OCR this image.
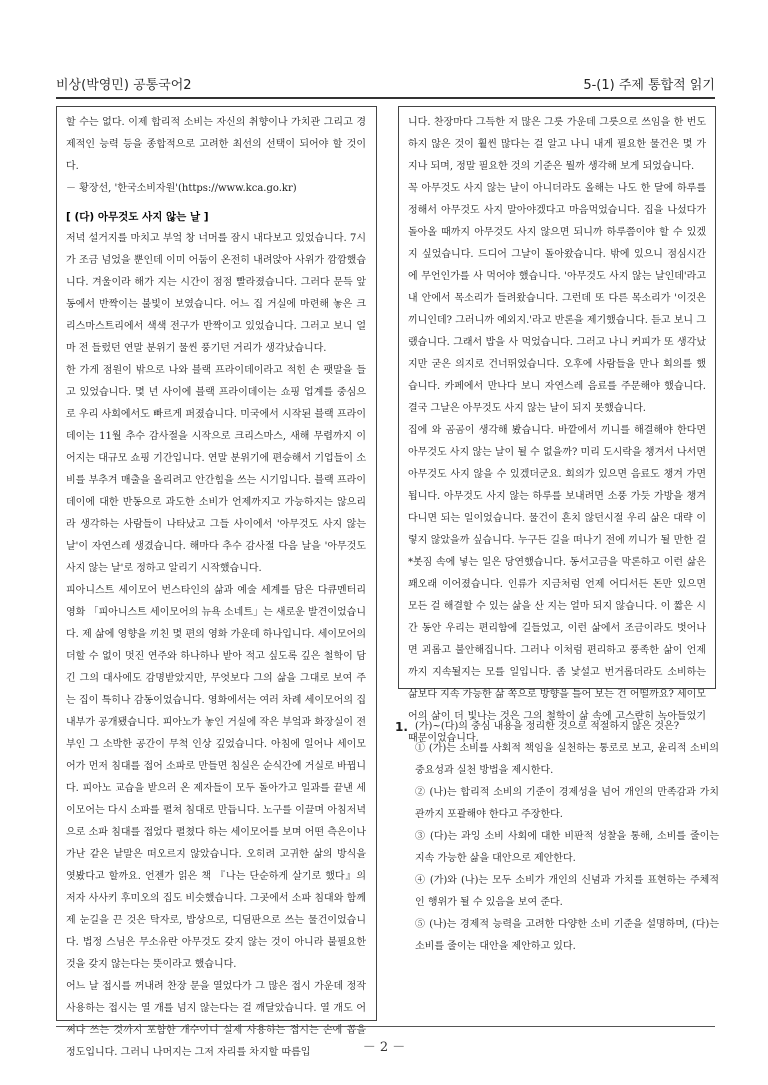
비상(박영민) 공통국어2	5-(1) 주제 통합적 읽기

할 수는 없다. 이제 합리적 소비는 자신의 취향이나 가치관 그리고 경제적인 능력 등을 종합적으로 고려한 최선의 선택이 되어야 할 것이다.

－ 황장선, '한국소비자원'(https://www.kca.go.kr)

[ (다) 아무것도 사지 않는 날 ]

저녁 설거지를 마치고 부엌 창 너머를 잠시 내다보고 있었습니다. 7시가 조금 넘었을 뿐인데 이미 어둠이 온전히 내려앉아 사위가 깜깜했습니다. 겨울이라 해가 지는 시간이 점점 빨라졌습니다. 그러다 문득 앞 동에서 반짝이는 불빛이 보였습니다. 어느 집 거실에 마련해 놓은 크리스마스트리에서 색색 전구가 반짝이고 있었습니다. 그러고 보니 얼마 전 들렀던 연말 분위기 물씬 풍기던 거리가 생각났습니다.

한 가게 점원이 밖으로 나와 블랙 프라이데이라고 적힌 손 팻말을 들고 있었습니다. 몇 년 사이에 블랙 프라이데이는 쇼핑 업계를 중심으로 우리 사회에서도 빠르게 퍼졌습니다. 미국에서 시작된 블랙 프라이데이는 11월 추수 감사절을 시작으로 크리스마스, 새해 무렵까지 이어지는 대규모 쇼핑 기간입니다. 연말 분위기에 편승해서 기업들이 소비를 부추겨 매출을 올리려고 안간힘을 쓰는 시기입니다. 블랙 프라이데이에 대한 반동으로 과도한 소비가 언제까지고 가능하지는 않으리라 생각하는 사람들이 나타났고 그들 사이에서 '아무것도 사지 않는 날'이 자연스레 생겼습니다. 해마다 추수 감사절 다음 날을 '아무것도 사지 않는 날'로 정하고 알리기 시작했습니다.

피아니스트 세이모어 번스타인의 삶과 예술 세계를 담은 다큐멘터리 영화 「피아니스트 세이모어의 뉴욕 소네트」는 새로운 발견이었습니다. 제 삶에 영향을 끼친 몇 편의 영화 가운데 하나입니다. 세이모어의 더할 수 없이 멋진 연주와 하나하나 받아 적고 싶도록 깊은 철학이 담긴 그의 대사에도 감명받았지만, 무엇보다 그의 삶을 그대로 보여 주는 집이 특히나 감동이었습니다. 영화에서는 여러 차례 세이모어의 집 내부가 공개됐습니다. 피아노가 놓인 거실에 작은 부엌과 화장실이 전부인 그 소박한 공간이 무척 인상 깊었습니다. 아침에 일어나 세이모어가 먼저 침대를 접어 소파로 만들면 침실은 순식간에 거실로 바뀝니다. 피아노 교습을 받으러 온 제자들이 모두 돌아가고 일과를 끝낸 세이모어는 다시 소파를 펼쳐 침대로 만듭니다. 노구를 이끌며 아침저녁으로 소파 침대를 접었다 펼쳤다 하는 세이모어를 보며 어떤 측은이나 가난 같은 낱말은 떠오르지 않았습니다. 오히려 고귀한 삶의 방식을 엿봤다고 할까요. 언젠가 읽은 책 『나는 단순하게 살기로 했다』의 저자 사사키 후미오의 집도 비슷했습니다. 그곳에서 소파 침대와 함께 제 눈길을 끈 것은 탁자로, 밥상으로, 디딤판으로 쓰는 물건이었습니다. 법정 스님은 무소유란 아무것도 갖지 않는 것이 아니라 불필요한 것을 갖지 않는다는 뜻이라고 했습니다.

어느 날 접시를 꺼내려 찬장 문을 열었다가 그 많은 접시 가운데 정작 사용하는 접시는 열 개를 넘지 않는다는 걸 깨달았습니다. 열 개도 어쩌다 쓰는 것까지 포함한 개수이니 실제 사용하는 접시는 손에 꼽을 정도입니다. 그러니 나머지는 그저 자리를 차지할 따름입

니다. 찬장마다 그득한 저 많은 그릇 가운데 그릇으로 쓰임을 한 번도 하지 않은 것이 훨씬 많다는 걸 알고 나니 내게 필요한 물건은 몇 가지나 되며, 정말 필요한 것의 기준은 뭘까 생각해 보게 되었습니다.

꼭 아무것도 사지 않는 날이 아니더라도 올해는 나도 한 달에 하루를 정해서 아무것도 사지 말아야겠다고 마음먹었습니다. 집을 나섰다가 돌아올 때까지 아무것도 사지 않으면 되니까 하루쯤이야 할 수 있겠지 싶었습니다. 드디어 그날이 돌아왔습니다. 밖에 있으니 점심시간에 무언인가를 사 먹어야 했습니다. '아무것도 사지 않는 날인데'라고 내 안에서 목소리가 들려왔습니다. 그런데 또 다른 목소리가 '이것은 끼니인데? 그러니까 예외지.'라고 반론을 제기했습니다. 듣고 보니 그랬습니다. 그래서 밥을 사 먹었습니다. 그러고 나니 커피가 또 생각났지만 굳은 의지로 건너뛰었습니다. 오후에 사람들을 만나 회의를 했습니다. 카페에서 만나다 보니 자연스레 음료를 주문해야 했습니다. 결국 그날은 아무것도 사지 않는 날이 되지 못했습니다.

집에 와 곰곰이 생각해 봤습니다. 바깥에서 끼니를 해결해야 한다면 아무것도 사지 않는 날이 될 수 없을까? 미리 도시락을 챙겨서 나서면 아무것도 사지 않을 수 있겠더군요. 회의가 있으면 음료도 챙겨 가면 됩니다. 아무것도 사지 않는 하루를 보내려면 소풍 가듯 가방을 챙겨 다니면 되는 일이었습니다. 물건이 흔치 않던시절 우리 삶은 대략 이렇지 않았을까 싶습니다. 누구든 길을 떠나기 전에 끼니가 될 만한 걸 *봇짐 속에 넣는 일은 당연했습니다. 동서고금을 막론하고 이런 삶은 꽤오래 이어졌습니다. 인류가 지금처럼 언제 어디서든 돈만 있으면 모든 걸 해결할 수 있는 삶을 산 지는 얼마 되지 않습니다. 이 짧은 시간 동안 우리는 편리함에 길들었고, 이런 삶에서 조금이라도 벗어나면 괴롭고 불안해집니다. 그러나 이처럼 편리하고 풍족한 삶이 언제까지 지속될지는 모를 일입니다. 좀 낯설고 번거롭더라도 소비하는 삶보다 지속 가능한 삶 쪽으로 방향을 틀어 보는 건 어떨까요? 세이모어의 삶이 더 빛나는 것은 그의 철학이 삶 속에 고스란히 녹아들었기 때문이었습니다.

1. (가)~(다)의 중심 내용을 정리한 것으로 적절하지 않은 것은?

① (가)는 소비를 사회적 책임을 실천하는 통로로 보고, 윤리적 소비의 중요성과 실천 방법을 제시한다.

② (나)는 합리적 소비의 기준이 경제성을 넘어 개인의 만족감과 가치관까지 포괄해야 한다고 주장한다.

③ (다)는 과잉 소비 사회에 대한 비판적 성찰을 통해, 소비를 줄이는 지속 가능한 삶을 대안으로 제안한다.

④ (가)와 (나)는 모두 소비가 개인의 신념과 가치를 표현하는 주체적인 행위가 될 수 있음을 보여 준다.

⑤ (나)는 경제적 능력을 고려한 다양한 소비 기준을 설명하며, (다)는 소비를 줄이는 대안을 제안하고 있다.

－ 2 －
